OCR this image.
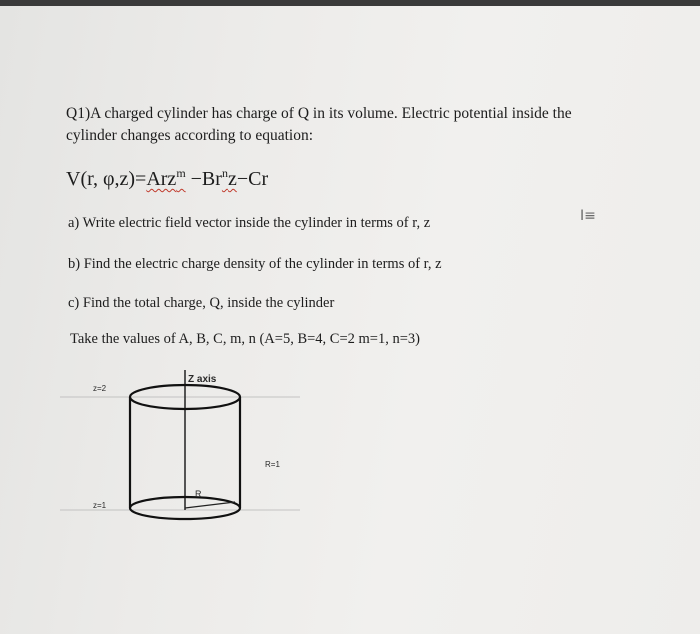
Q1)A charged cylinder has charge of Q in its volume. Electric potential inside the
cylinder changes according to equation:
V(r, $\varphi,z)=Arz^m -Br^nz-Cr$
a) Write electric field vector inside the cylinder in terms of r, z
b) Find the electric charge density of the cylinder in terms of r, z
c) Find the total charge, Q, inside the cylinder
Take the values of A, B, C, m, n (A=5, B=4, C=2 m=1, n=3)
I≡
Z axis
z=2
z=1
R=1
R
